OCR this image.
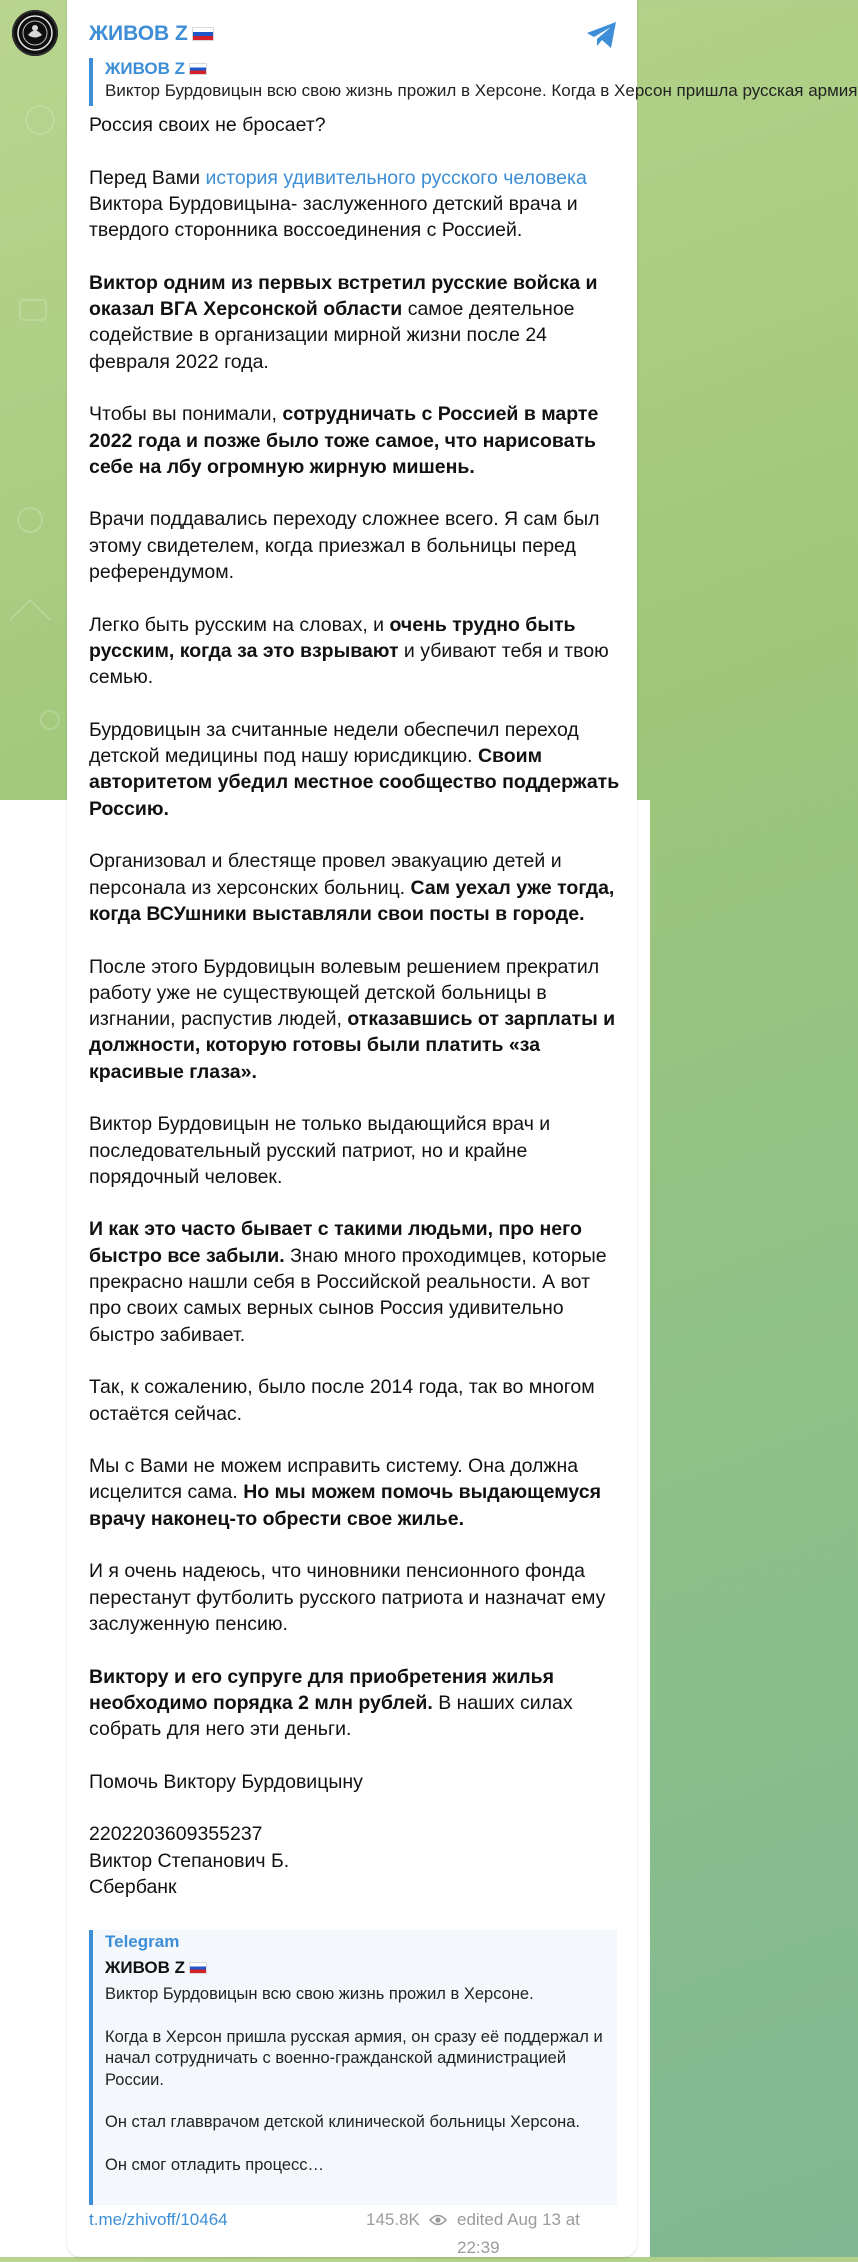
ЖИВОВ Z
ЖИВОВ Z
Виктор Бурдовицын всю свою жизнь прожил в Херсоне. Когда в Херсон пришла русская армия

Россия своих не бросает?

Перед Вами история удивительного русского человека Виктора Бурдовицына- заслуженного детский врача и твердого сторонника воссоединения с Россией.

Виктор одним из первых встретил русские войска и оказал ВГА Херсонской области самое деятельное содействие в организации мирной жизни после 24 февраля 2022 года.

Чтобы вы понимали, сотрудничать с Россией в марте 2022 года и позже было тоже самое, что нарисовать себе на лбу огромную жирную мишень.

Врачи поддавались переходу сложнее всего. Я сам был этому свидетелем, когда приезжал в больницы перед референдумом.

Легко быть русским на словах, и очень трудно быть русским, когда за это взрывают и убивают тебя и твою семью.

Бурдовицын за считанные недели обеспечил переход детской медицины под нашу юрисдикцию. Своим авторитетом убедил местное сообщество поддержать Россию.

Организовал и блестяще провел эвакуацию детей и персонала из херсонских больниц. Сам уехал уже тогда, когда ВСУшники выставляли свои посты в городе.

После этого Бурдовицын волевым решением прекратил работу уже не существующей детской больницы в изгнании, распустив людей, отказавшись от зарплаты и должности, которую готовы были платить «за красивые глаза».

Виктор Бурдовицын не только выдающийся врач и последовательный русский патриот, но и крайне порядочный человек.

И как это часто бывает с такими людьми, про него быстро все забыли. Знаю много проходимцев, которые прекрасно нашли себя в Российской реальности. А вот про своих самых верных сынов Россия удивительно быстро забивает.

Так, к сожалению, было после 2014 года, так во многом остаётся сейчас.

Мы с Вами не можем исправить систему. Она должна исцелится сама. Но мы можем помочь выдающемуся врачу наконец-то обрести свое жилье.

И я очень надеюсь, что чиновники пенсионного фонда перестанут футболить русского патриота и назначат ему заслуженную пенсию.

Виктору и его супруге для приобретения жилья необходимо порядка 2 млн рублей. В наших силах собрать для него эти деньги.

Помочь Виктору Бурдовицыну

2202203609355237

Виктор Степанович Б.

Сбербанк

Telegram
ЖИВОВ Z
Виктор Бурдовицын всю свою жизнь прожил в Херсоне.
Когда в Херсон пришла русская армия, он сразу её поддержал и начал сотрудничать с военно-гражданской администрацией России.
Он стал главврачом детской клинической больницы Херсона.
Он смог отладить процесс…
t.me/zhivoff/10464	145.8K edited Aug 13 at 22:39
